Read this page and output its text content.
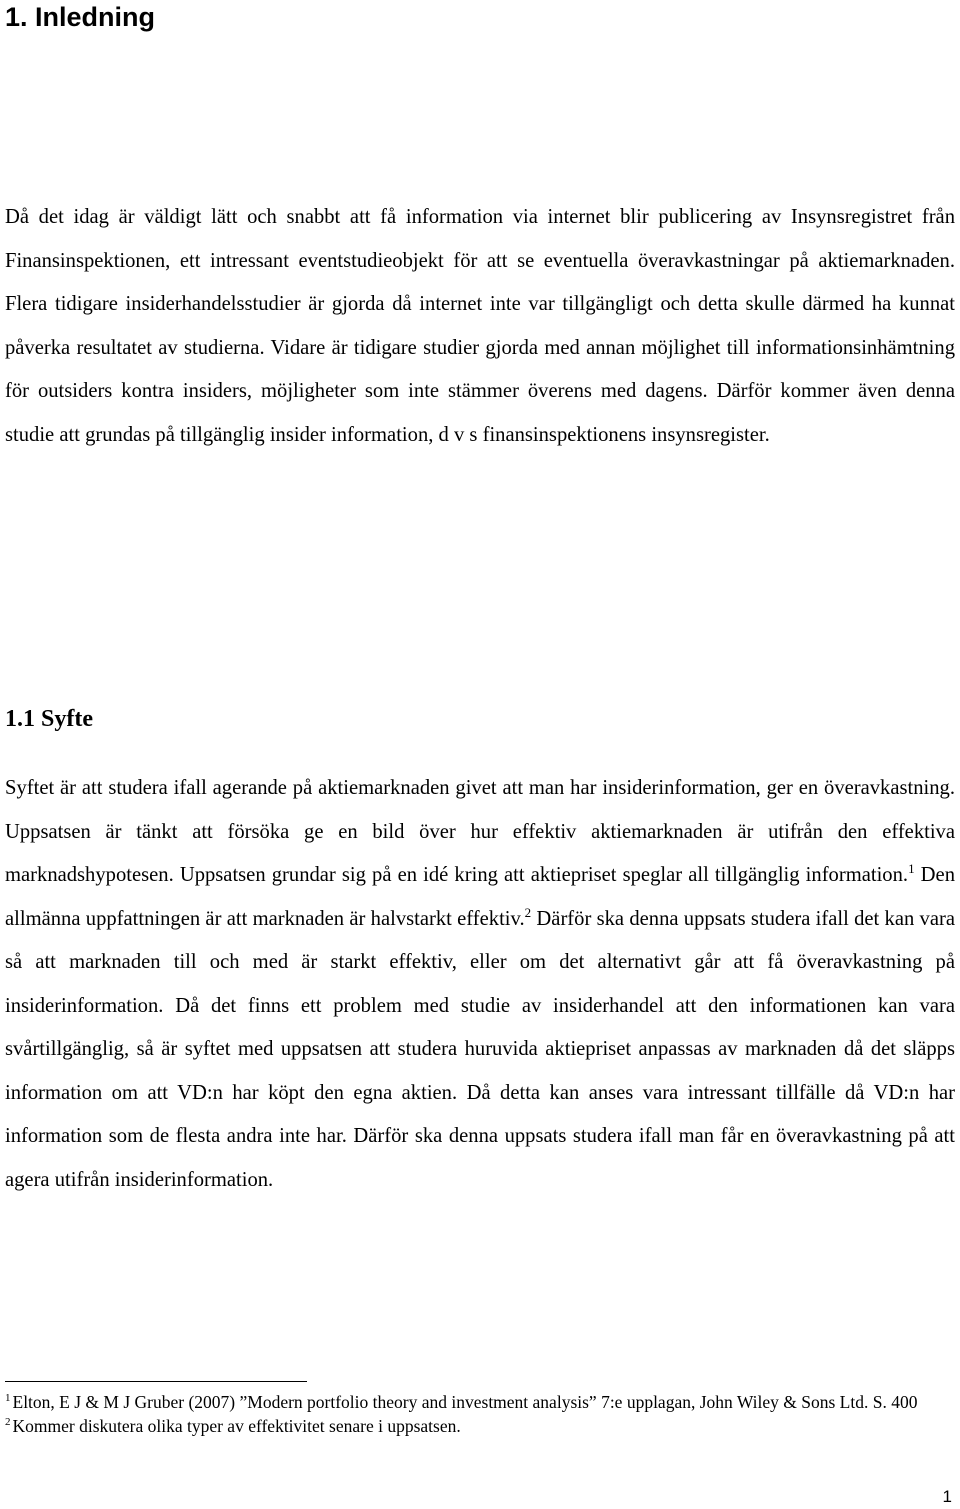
1. Inledning

Då det idag är väldigt lätt och snabbt att få information via internet blir publicering av Insynsregistret från Finansinspektionen, ett intressant eventstudieobjekt för att se eventuella överavkastningar på aktiemarknaden. Flera tidigare insiderhandelsstudier är gjorda då internet inte var tillgängligt och detta skulle därmed ha kunnat påverka resultatet av studierna. Vidare är tidigare studier gjorda med annan möjlighet till informationsinhämtning för outsiders kontra insiders, möjligheter som inte stämmer överens med dagens. Därför kommer även denna studie att grundas på tillgänglig insider information, d v s finansinspektionens insynsregister.

1.1 Syfte

Syftet är att studera ifall agerande på aktiemarknaden givet att man har insiderinformation, ger en överavkastning. Uppsatsen är tänkt att försöka ge en bild över hur effektiv aktiemarknaden är utifrån den effektiva marknadshypotesen. Uppsatsen grundar sig på en idé kring att aktiepriset speglar all tillgänglig information.$^1$ Den allmänna uppfattningen är att marknaden är halvstarkt effektiv.$^2$ Därför ska denna uppsats studera ifall det kan vara så att marknaden till och med är starkt effektiv, eller om det alternativt går att få överavkastning på insiderinformation. Då det finns ett problem med studie av insiderhandel att den informationen kan vara svårtillgänglig, så är syftet med uppsatsen att studera huruvida aktiepriset anpassas av marknaden då det släpps information om att VD:n har köpt den egna aktien. Då detta kan anses vara intressant tillfälle då VD:n har information som de flesta andra inte har. Därför ska denna uppsats studera ifall man får en överavkastning på att agera utifrån insiderinformation.

$^1$ Elton, E J & M J Gruber (2007) ”Modern portfolio theory and investment analysis” 7:e upplagan, John Wiley & Sons Ltd. S. 400

$^2$ Kommer diskutera olika typer av effektivitet senare i uppsatsen.

1
